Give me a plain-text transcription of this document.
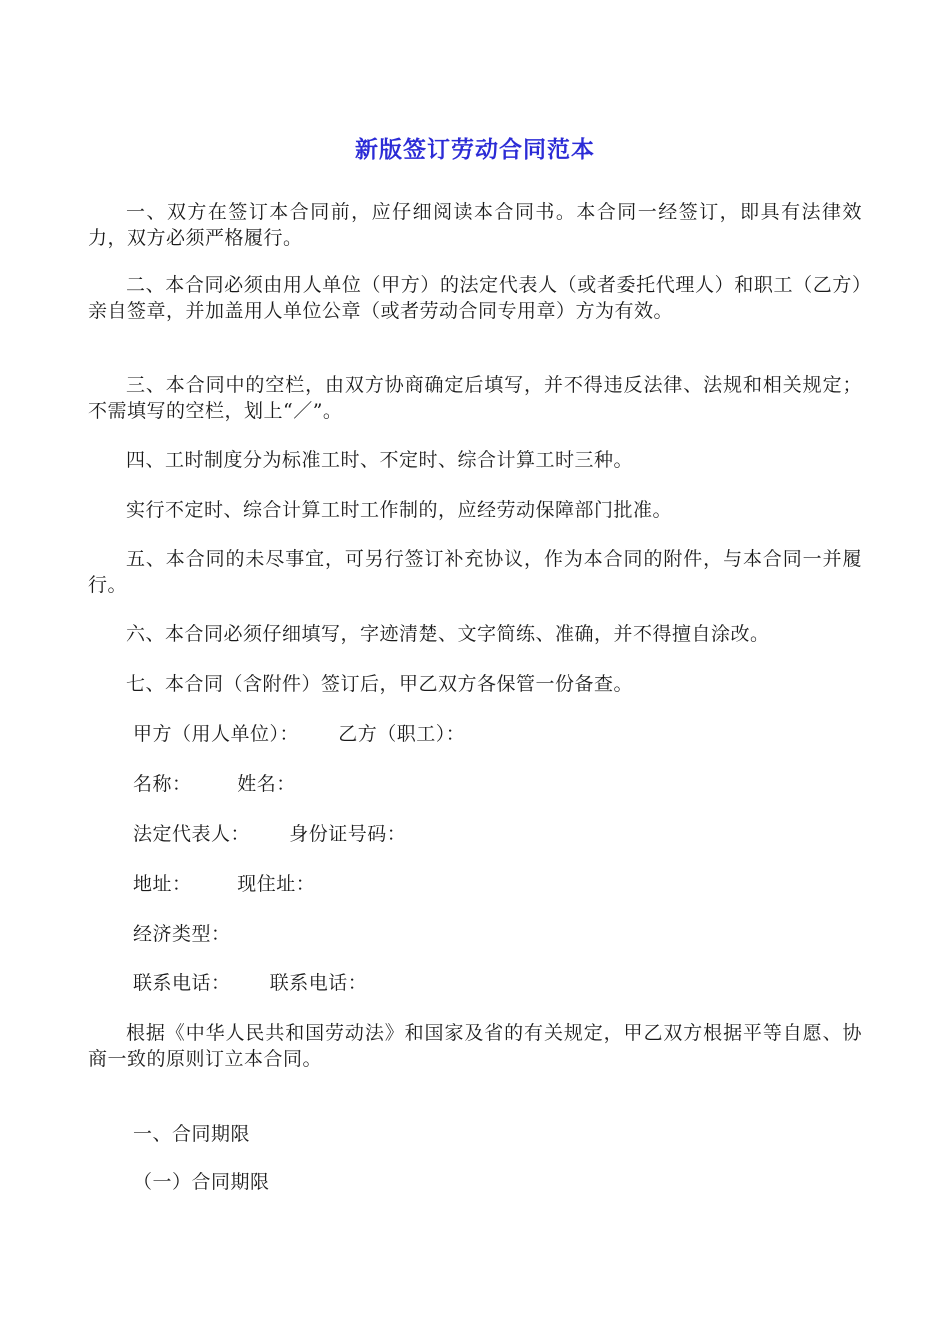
新版签订劳动合同范本

一、双方在签订本合同前，应仔细阅读本合同书。本合同一经签订，即具有法律效力，双方必须严格履行。

二、本合同必须由用人单位（甲方）的法定代表人（或者委托代理人）和职工（乙方）亲自签章，并加盖用人单位公章（或者劳动合同专用章）方为有效。

三、本合同中的空栏，由双方协商确定后填写，并不得违反法律、法规和相关规定；不需填写的空栏，划上“／”。

四、工时制度分为标准工时、不定时、综合计算工时三种。

实行不定时、综合计算工时工作制的，应经劳动保障部门批准。

五、本合同的未尽事宜，可另行签订补充协议，作为本合同的附件，与本合同一并履行。

六、本合同必须仔细填写，字迹清楚、文字简练、准确，并不得擅自涂改。

七、本合同（含附件）签订后，甲乙双方各保管一份备查。

甲方（用人单位）：      乙方（职工）：

名称：       姓名：

法定代表人：      身份证号码：

地址：       现住址：

经济类型：

联系电话：      联系电话：

根据《中华人民共和国劳动法》和国家及省的有关规定，甲乙双方根据平等自愿、协商一致的原则订立本合同。

一、合同期限

（一）合同期限
